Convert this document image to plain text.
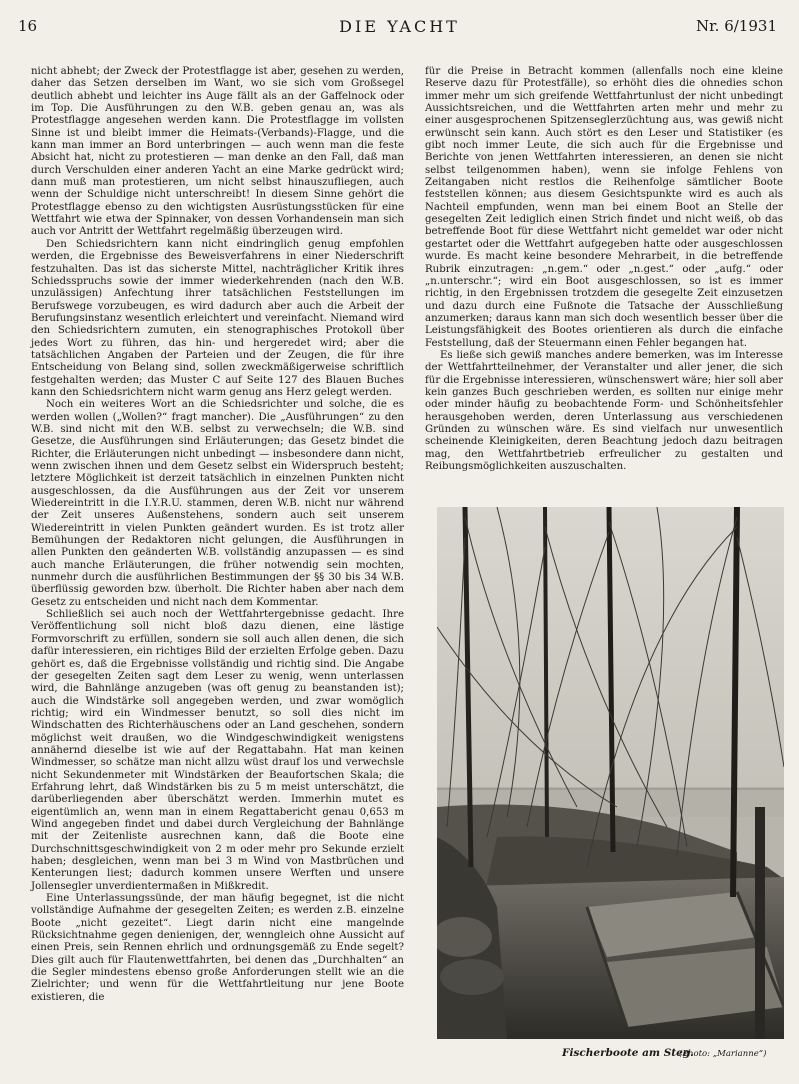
16	DIE YACHT	Nr. 6/1931

nicht abhebt; der Zweck der Protestflagge ist aber, gesehen zu werden, daher das Setzen derselben im Want, wo sie sich vom Großsegel deutlich abhebt und leichter ins Auge fällt als an der Gaffelnock oder im Top. Die Ausführungen zu den W.B. geben genau an, was als Protestflagge angesehen werden kann. Die Protestflagge im vollsten Sinne ist und bleibt immer die Heimats-(Verbands)-Flagge, und die kann man immer an Bord unterbringen — auch wenn man die feste Absicht hat, nicht zu protestieren — man denke an den Fall, daß man durch Verschulden einer anderen Yacht an eine Marke gedrückt wird; dann muß man protestieren, um nicht selbst hinauszufliegen, auch wenn der Schuldige nicht unterschreibt! In diesem Sinne gehört die Protestflagge ebenso zu den wichtigsten Ausrüstungsstücken für eine Wettfahrt wie etwa der Spinnaker, von dessen Vorhandensein man sich auch vor Antritt der Wettfahrt regelmäßig überzeugen wird.

Den Schiedsrichtern kann nicht eindringlich genug empfohlen werden, die Ergebnisse des Beweisverfahrens in einer Niederschrift festzuhalten. Das ist das sicherste Mittel, nachträglicher Kritik ihres Schiedsspruchs sowie der immer wiederkehrenden (nach den W.B. unzulässigen) Anfechtung ihrer tatsächlichen Feststellungen im Berufswege vorzubeugen, es wird dadurch aber auch die Arbeit der Berufungsinstanz wesentlich erleichtert und vereinfacht. Niemand wird den Schiedsrichtern zumuten, ein stenographisches Protokoll über jedes Wort zu führen, das hin- und hergeredet wird; aber die tatsächlichen Angaben der Parteien und der Zeugen, die für ihre Entscheidung von Belang sind, sollen zweckmäßigerweise schriftlich festgehalten werden; das Muster C auf Seite 127 des Blauen Buches kann den Schiedsrichtern nicht warm genug ans Herz gelegt werden.

Noch ein weiteres Wort an die Schiedsrichter und solche, die es werden wollen („Wollen?“ fragt mancher). Die „Ausführungen“ zu den W.B. sind nicht mit den W.B. selbst zu verwechseln; die W.B. sind Gesetze, die Ausführungen sind Erläuterungen; das Gesetz bindet die Richter, die Erläuterungen nicht unbedingt — insbesondere dann nicht, wenn zwischen ihnen und dem Gesetz selbst ein Widerspruch besteht; letztere Möglichkeit ist derzeit tatsächlich in einzelnen Punkten nicht ausgeschlossen, da die Ausführungen aus der Zeit vor unserem Wiedereintritt in die I.Y.R.U. stammen, deren W.B. nicht nur während der Zeit unseres Außenstehens, sondern auch seit unserem Wiedereintritt in vielen Punkten geändert wurden. Es ist trotz aller Bemühungen der Redaktoren nicht gelungen, die Ausführungen in allen Punkten den geänderten W.B. vollständig anzupassen — es sind auch manche Erläuterungen, die früher notwendig sein mochten, nunmehr durch die ausführlichen Bestimmungen der §§ 30 bis 34 W.B. überflüssig geworden bzw. überholt. Die Richter haben aber nach dem Gesetz zu entscheiden und nicht nach dem Kommentar.

Schließlich sei auch noch der Wettfahrtergebnisse gedacht. Ihre Veröffentlichung soll nicht bloß dazu dienen, eine lästige Formvorschrift zu erfüllen, sondern sie soll auch allen denen, die sich dafür interessieren, ein richtiges Bild der erzielten Erfolge geben. Dazu gehört es, daß die Ergebnisse vollständig und richtig sind. Die Angabe der gesegelten Zeiten sagt dem Leser zu wenig, wenn unterlassen wird, die Bahnlänge anzugeben (was oft genug zu beanstanden ist); auch die Windstärke soll angegeben werden, und zwar womöglich richtig; wird ein Windmesser benutzt, so soll dies nicht im Windschatten des Richterhäuschens oder an Land geschehen, sondern möglichst weit draußen, wo die Windgeschwindigkeit wenigstens annähernd dieselbe ist wie auf der Regattabahn. Hat man keinen Windmesser, so schätze man nicht allzu wüst drauf los und verwechsle nicht Sekundenmeter mit Windstärken der Beaufortschen Skala; die Erfahrung lehrt, daß Windstärken bis zu 5 m meist unterschätzt, die darüberliegenden aber überschätzt werden. Immerhin mutet es eigentümlich an, wenn man in einem Regattabericht genau 0,653 m Wind angegeben findet und dabei durch Vergleichung der Bahnlänge mit der Zeitenliste ausrechnen kann, daß die Boote eine Durchschnittsgeschwindigkeit von 2 m oder mehr pro Sekunde erzielt haben; desgleichen, wenn man bei 3 m Wind von Mastbrüchen und Kenterungen liest; dadurch kommen unsere Werften und unsere Jollensegler unverdientermaßen in Mißkredit.

Eine Unterlassungssünde, der man häufig begegnet, ist die nicht vollständige Aufnahme der gesegelten Zeiten; es werden z.B. einzelne Boote „nicht gezeitet“. Liegt darin nicht eine mangelnde Rücksichtnahme gegen denienigen, der, wenngleich ohne Aussicht auf einen Preis, sein Rennen ehrlich und ordnungsgemäß zu Ende segelt? Dies gilt auch für Flautenwettfahrten, bei denen das „Durchhalten“ an die Segler mindestens ebenso große Anforderungen stellt wie an die Zielrichter; und wenn für die Wettfahrtleitung nur jene Boote existieren, die

für die Preise in Betracht kommen (allenfalls noch eine kleine Reserve dazu für Protestfälle), so erhöht dies die ohnedies schon immer mehr um sich greifende Wettfahrtunlust der nicht unbedingt Aussichtsreichen, und die Wettfahrten arten mehr und mehr zu einer ausgesprochenen Spitzenseglerzüchtung aus, was gewiß nicht erwünscht sein kann. Auch stört es den Leser und Statistiker (es gibt noch immer Leute, die sich auch für die Ergebnisse und Berichte von jenen Wettfahrten interessieren, an denen sie nicht selbst teilgenommen haben), wenn sie infolge Fehlens von Zeitangaben nicht restlos die Reihenfolge sämtlicher Boote feststellen können; aus diesem Gesichtspunkte wird es auch als Nachteil empfunden, wenn man bei einem Boot an Stelle der gesegelten Zeit lediglich einen Strich findet und nicht weiß, ob das betreffende Boot für diese Wettfahrt nicht gemeldet war oder nicht gestartet oder die Wettfahrt aufgegeben hatte oder ausgeschlossen wurde. Es macht keine besondere Mehrarbeit, in die betreffende Rubrik einzutragen: „n.gem.“ oder „n.gest.“ oder „aufg.“ oder „n.unterschr.“; wird ein Boot ausgeschlossen, so ist es immer richtig, in den Ergebnissen trotzdem die gesegelte Zeit einzusetzen und dazu durch eine Fußnote die Tatsache der Ausschließung anzumerken; daraus kann man sich doch wesentlich besser über die Leistungsfähigkeit des Bootes orientieren als durch die einfache Feststellung, daß der Steuermann einen Fehler begangen hat.

Es ließe sich gewiß manches andere bemerken, was im Interesse der Wettfahrtteilnehmer, der Veranstalter und aller jener, die sich für die Ergebnisse interessieren, wünschenswert wäre; hier soll aber kein ganzes Buch geschrieben werden, es sollten nur einige mehr oder minder häufig zu beobachtende Form- und Schönheitsfehler herausgehoben werden, deren Unterlassung aus verschiedenen Gründen zu wünschen wäre. Es sind vielfach nur unwesentlich scheinende Kleinigkeiten, deren Beachtung jedoch dazu beitragen mag, den Wettfahrtbetrieb erfreulicher zu gestalten und Reibungsmöglichkeiten auszuschalten.

Fischerboote am Steg.
(Photo: „Marianne“)
